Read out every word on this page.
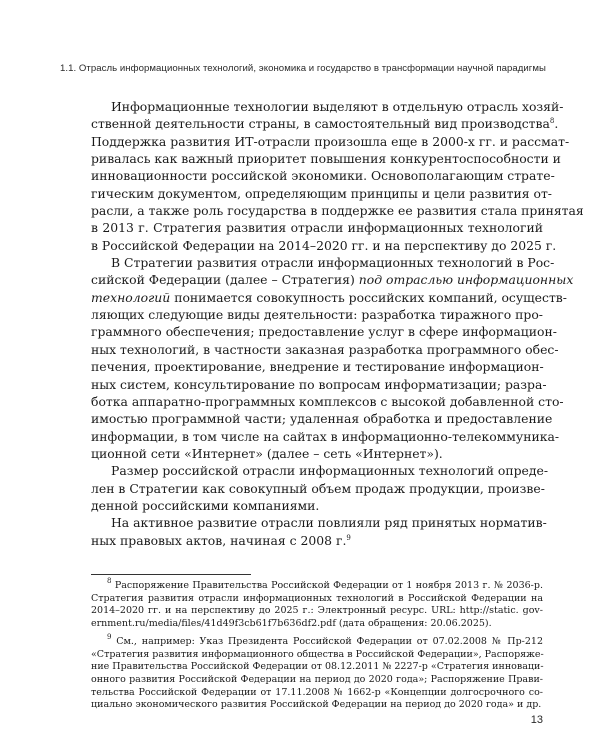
1.1. Отрасль информационных технологий, экономика и государство в трансформации научной парадигмы
Информационные технологии выделяют в отдельную отрасль хозяй-
ственной деятельности страны, в самостоятельный вид производства$^8$.
Поддержка развития ИТ-отрасли произошла еще в 2000-х гг. и рассмат-
ривалась как важный приоритет повышения конкурентоспособности и
инновационности российской экономики. Основополагающим страте-
гическим документом, определяющим принципы и цели развития от-
расли, а также роль государства в поддержке ее развития стала принятая
в 2013 г. Стратегия развития отрасли информационных технологий
в Российской Федерации на 2014–2020 гг. и на перспективу до 2025 г.
В Стратегии развития отрасли информационных технологий в Рос-
сийской Федерации (далее – Стратегия) под отраслью информационных
технологий понимается совокупность российских компаний, осуществ-
ляющих следующие виды деятельности: разработка тиражного про-
граммного обеспечения; предоставление услуг в сфере информацион-
ных технологий, в частности заказная разработка программного обес-
печения, проектирование, внедрение и тестирование информацион-
ных систем, консультирование по вопросам информатизации; разра-
ботка аппаратно-программных комплексов с высокой добавленной сто-
имостью программной части; удаленная обработка и предоставление
информации, в том числе на сайтах в информационно-телекоммуника-
ционной сети «Интернет» (далее – сеть «Интернет»).
Размер российской отрасли информационных технологий опреде-
лен в Стратегии как совокупный объем продаж продукции, произве-
денной российскими компаниями.
На активное развитие отрасли повлияли ряд принятых норматив-
ных правовых актов, начиная с 2008 г.$^9$
$^8$ Распоряжение Правительства Российской Федерации от 1 ноября 2013 г. № 2036-р.
Стратегия развития отрасли информационных технологий в Российской Федерации на
2014–2020 гг. и на перспективу до 2025 г.: Электронный ресурс. URL: http://static. gov-
ernment.ru/media/files/41d49f3cb61f7b636df2.pdf (дата обращения: 20.06.2025).
$^9$ См., например: Указ Президента Российской Федерации от 07.02.2008 № Пр-212
«Стратегия развития информационного общества в Российской Федерации», Распоряже-
ние Правительства Российской Федерации от 08.12.2011 № 2227-р «Стратегия инноваци-
онного развития Российской Федерации на период до 2020 года»; Распоряжение Прави-
тельства Российской Федерации от 17.11.2008 № 1662-р «Концепции долгосрочного со-
циально экономического развития Российской Федерации на период до 2020 года» и др.
13
